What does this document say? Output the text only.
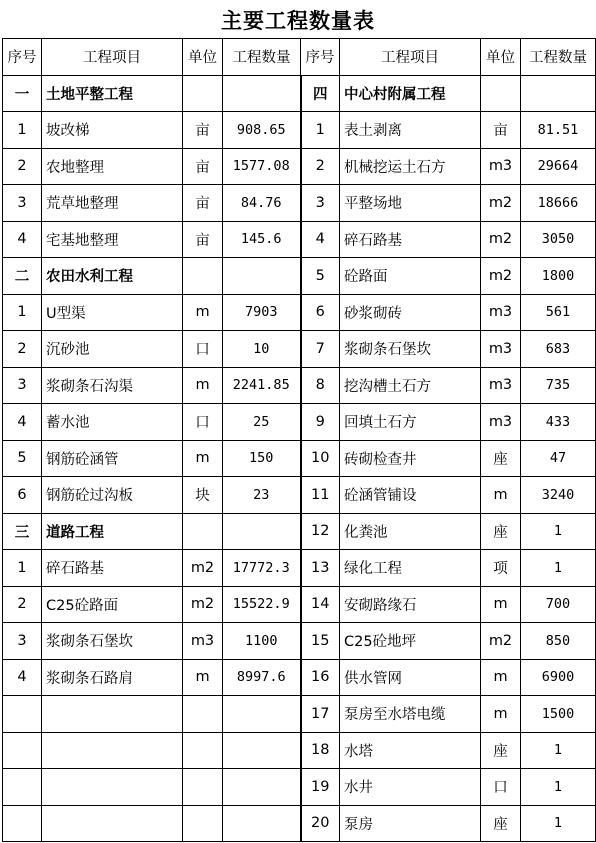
主要工程数量表
序号	工程项目	单位	工程数量	序号	工程项目	单位	工程数量
一	土地平整工程			四	中心村附属工程		
1	坡改梯	亩	908.65	1	表土剥离	亩	81.51
2	农地整理	亩	1577.08	2	机械挖运土石方	m3	29664
3	荒草地整理	亩	84.76	3	平整场地	m2	18666
4	宅基地整理	亩	145.6	4	碎石路基	m2	3050
二	农田水利工程			5	砼路面	m2	1800
1	U型渠	m	7903	6	砂浆砌砖	m3	561
2	沉砂池	口	10	7	浆砌条石堡坎	m3	683
3	浆砌条石沟渠	m	2241.85	8	挖沟槽土石方	m3	735
4	蓄水池	口	25	9	回填土石方	m3	433
5	钢筋砼涵管	m	150	10	砖砌检查井	座	47
6	钢筋砼过沟板	块	23	11	砼涵管铺设	m	3240
三	道路工程			12	化粪池	座	1
1	碎石路基	m2	17772.3	13	绿化工程	项	1
2	C25砼路面	m2	15522.9	14	安砌路缘石	m	700
3	浆砌条石堡坎	m3	1100	15	C25砼地坪	m2	850
4	浆砌条石路肩	m	8997.6	16	供水管网	m	6900
				17	泵房至水塔电缆	m	1500
				18	水塔	座	1
				19	水井	口	1
				20	泵房	座	1
